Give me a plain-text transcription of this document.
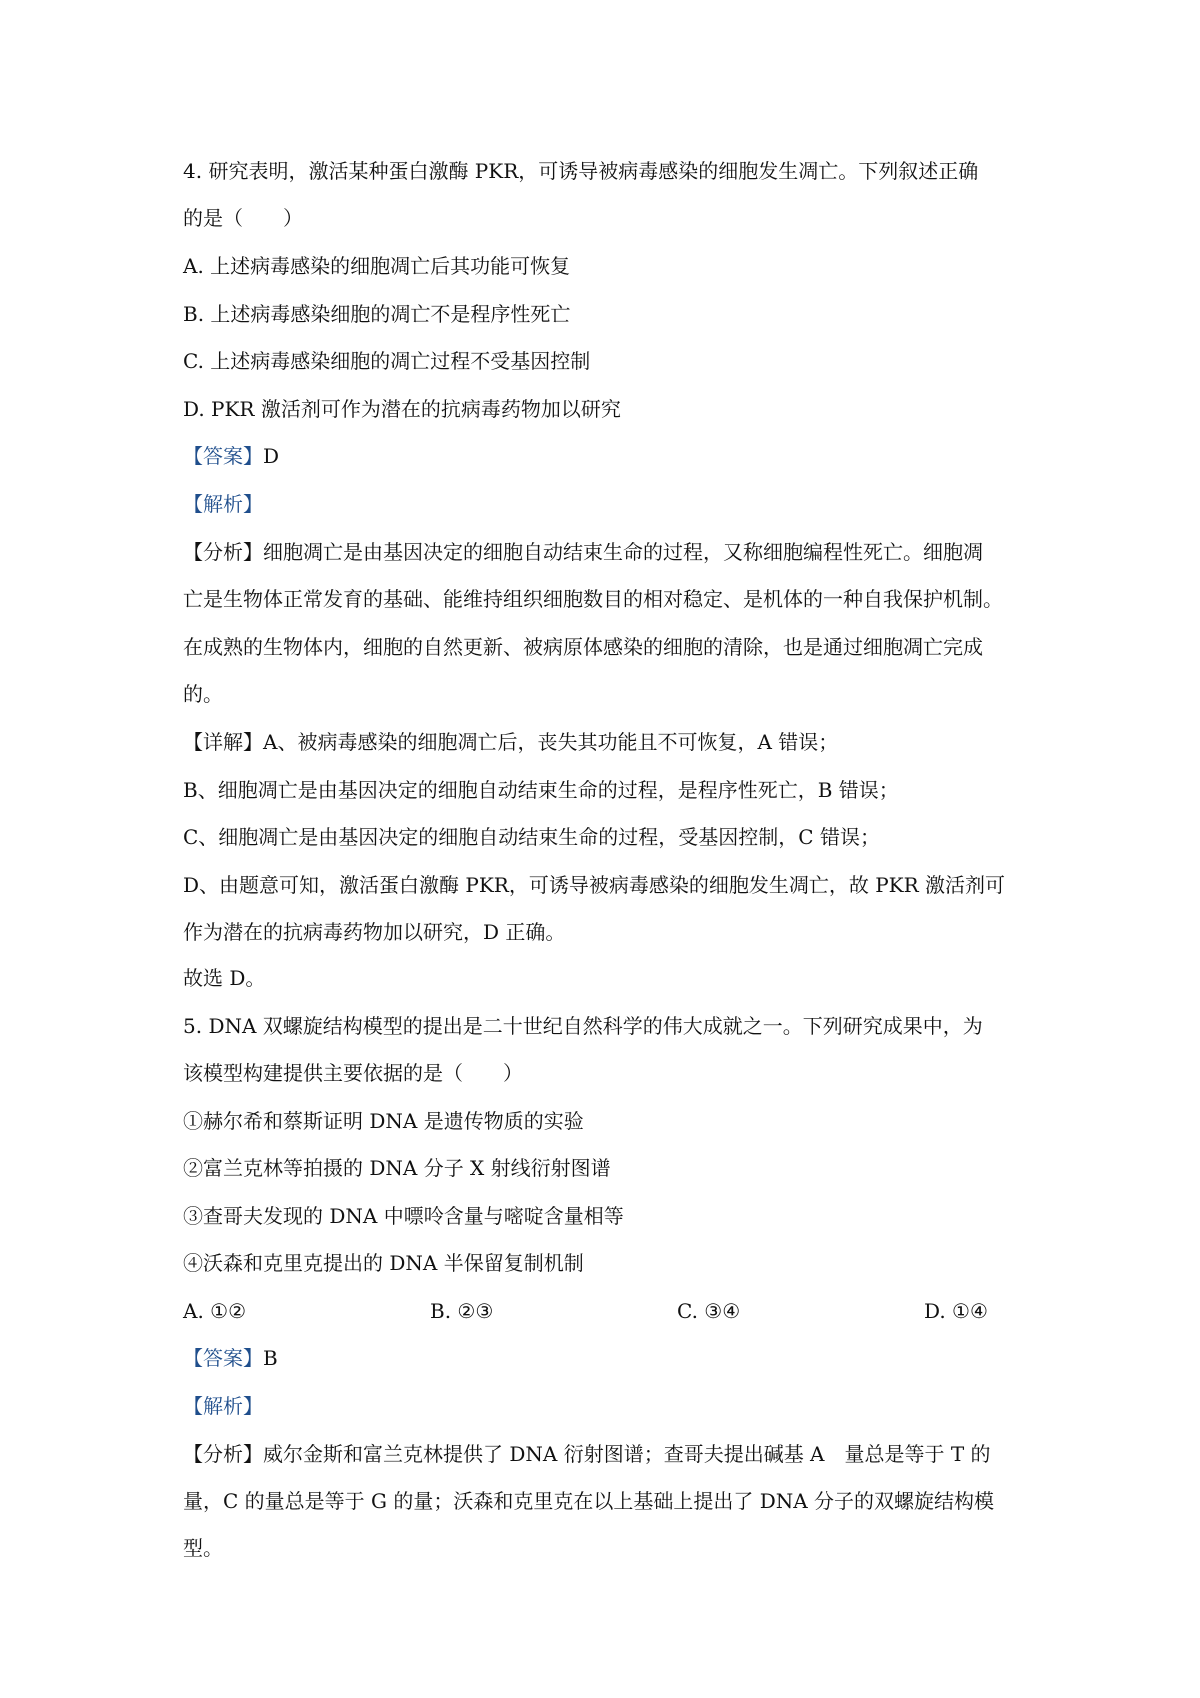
4. 研究表明，激活某种蛋白激酶 PKR，可诱导被病毒感染的细胞发生凋亡。下列叙述正确
的是（　　）
A. 上述病毒感染的细胞凋亡后其功能可恢复
B. 上述病毒感染细胞的凋亡不是程序性死亡
C. 上述病毒感染细胞的凋亡过程不受基因控制
D. PKR 激活剂可作为潜在的抗病毒药物加以研究
【答案】D
【解析】
【分析】细胞凋亡是由基因决定的细胞自动结束生命的过程，又称细胞编程性死亡。细胞凋
亡是生物体正常发育的基础、能维持组织细胞数目的相对稳定、是机体的一种自我保护机制。
在成熟的生物体内，细胞的自然更新、被病原体感染的细胞的清除，也是通过细胞凋亡完成
的。
【详解】A、被病毒感染的细胞凋亡后，丧失其功能且不可恢复，A 错误；
B、细胞凋亡是由基因决定的细胞自动结束生命的过程，是程序性死亡，B 错误；
C、细胞凋亡是由基因决定的细胞自动结束生命的过程，受基因控制，C 错误；
D、由题意可知，激活蛋白激酶 PKR，可诱导被病毒感染的细胞发生凋亡，故 PKR 激活剂可
作为潜在的抗病毒药物加以研究，D 正确。
故选 D。
5. DNA 双螺旋结构模型的提出是二十世纪自然科学的伟大成就之一。下列研究成果中，为
该模型构建提供主要依据的是（　　）
①赫尔希和蔡斯证明 DNA 是遗传物质的实验
②富兰克林等拍摄的 DNA 分子 X 射线衍射图谱
③查哥夫发现的 DNA 中嘌呤含量与嘧啶含量相等
④沃森和克里克提出的 DNA 半保留复制机制
A. ①②	B. ②③	C. ③④	D. ①④
【答案】B
【解析】
【分析】威尔金斯和富兰克林提供了 DNA 衍射图谱；查哥夫提出碱基 A　量总是等于 T 的
量，C 的量总是等于 G 的量；沃森和克里克在以上基础上提出了 DNA 分子的双螺旋结构模
型。
